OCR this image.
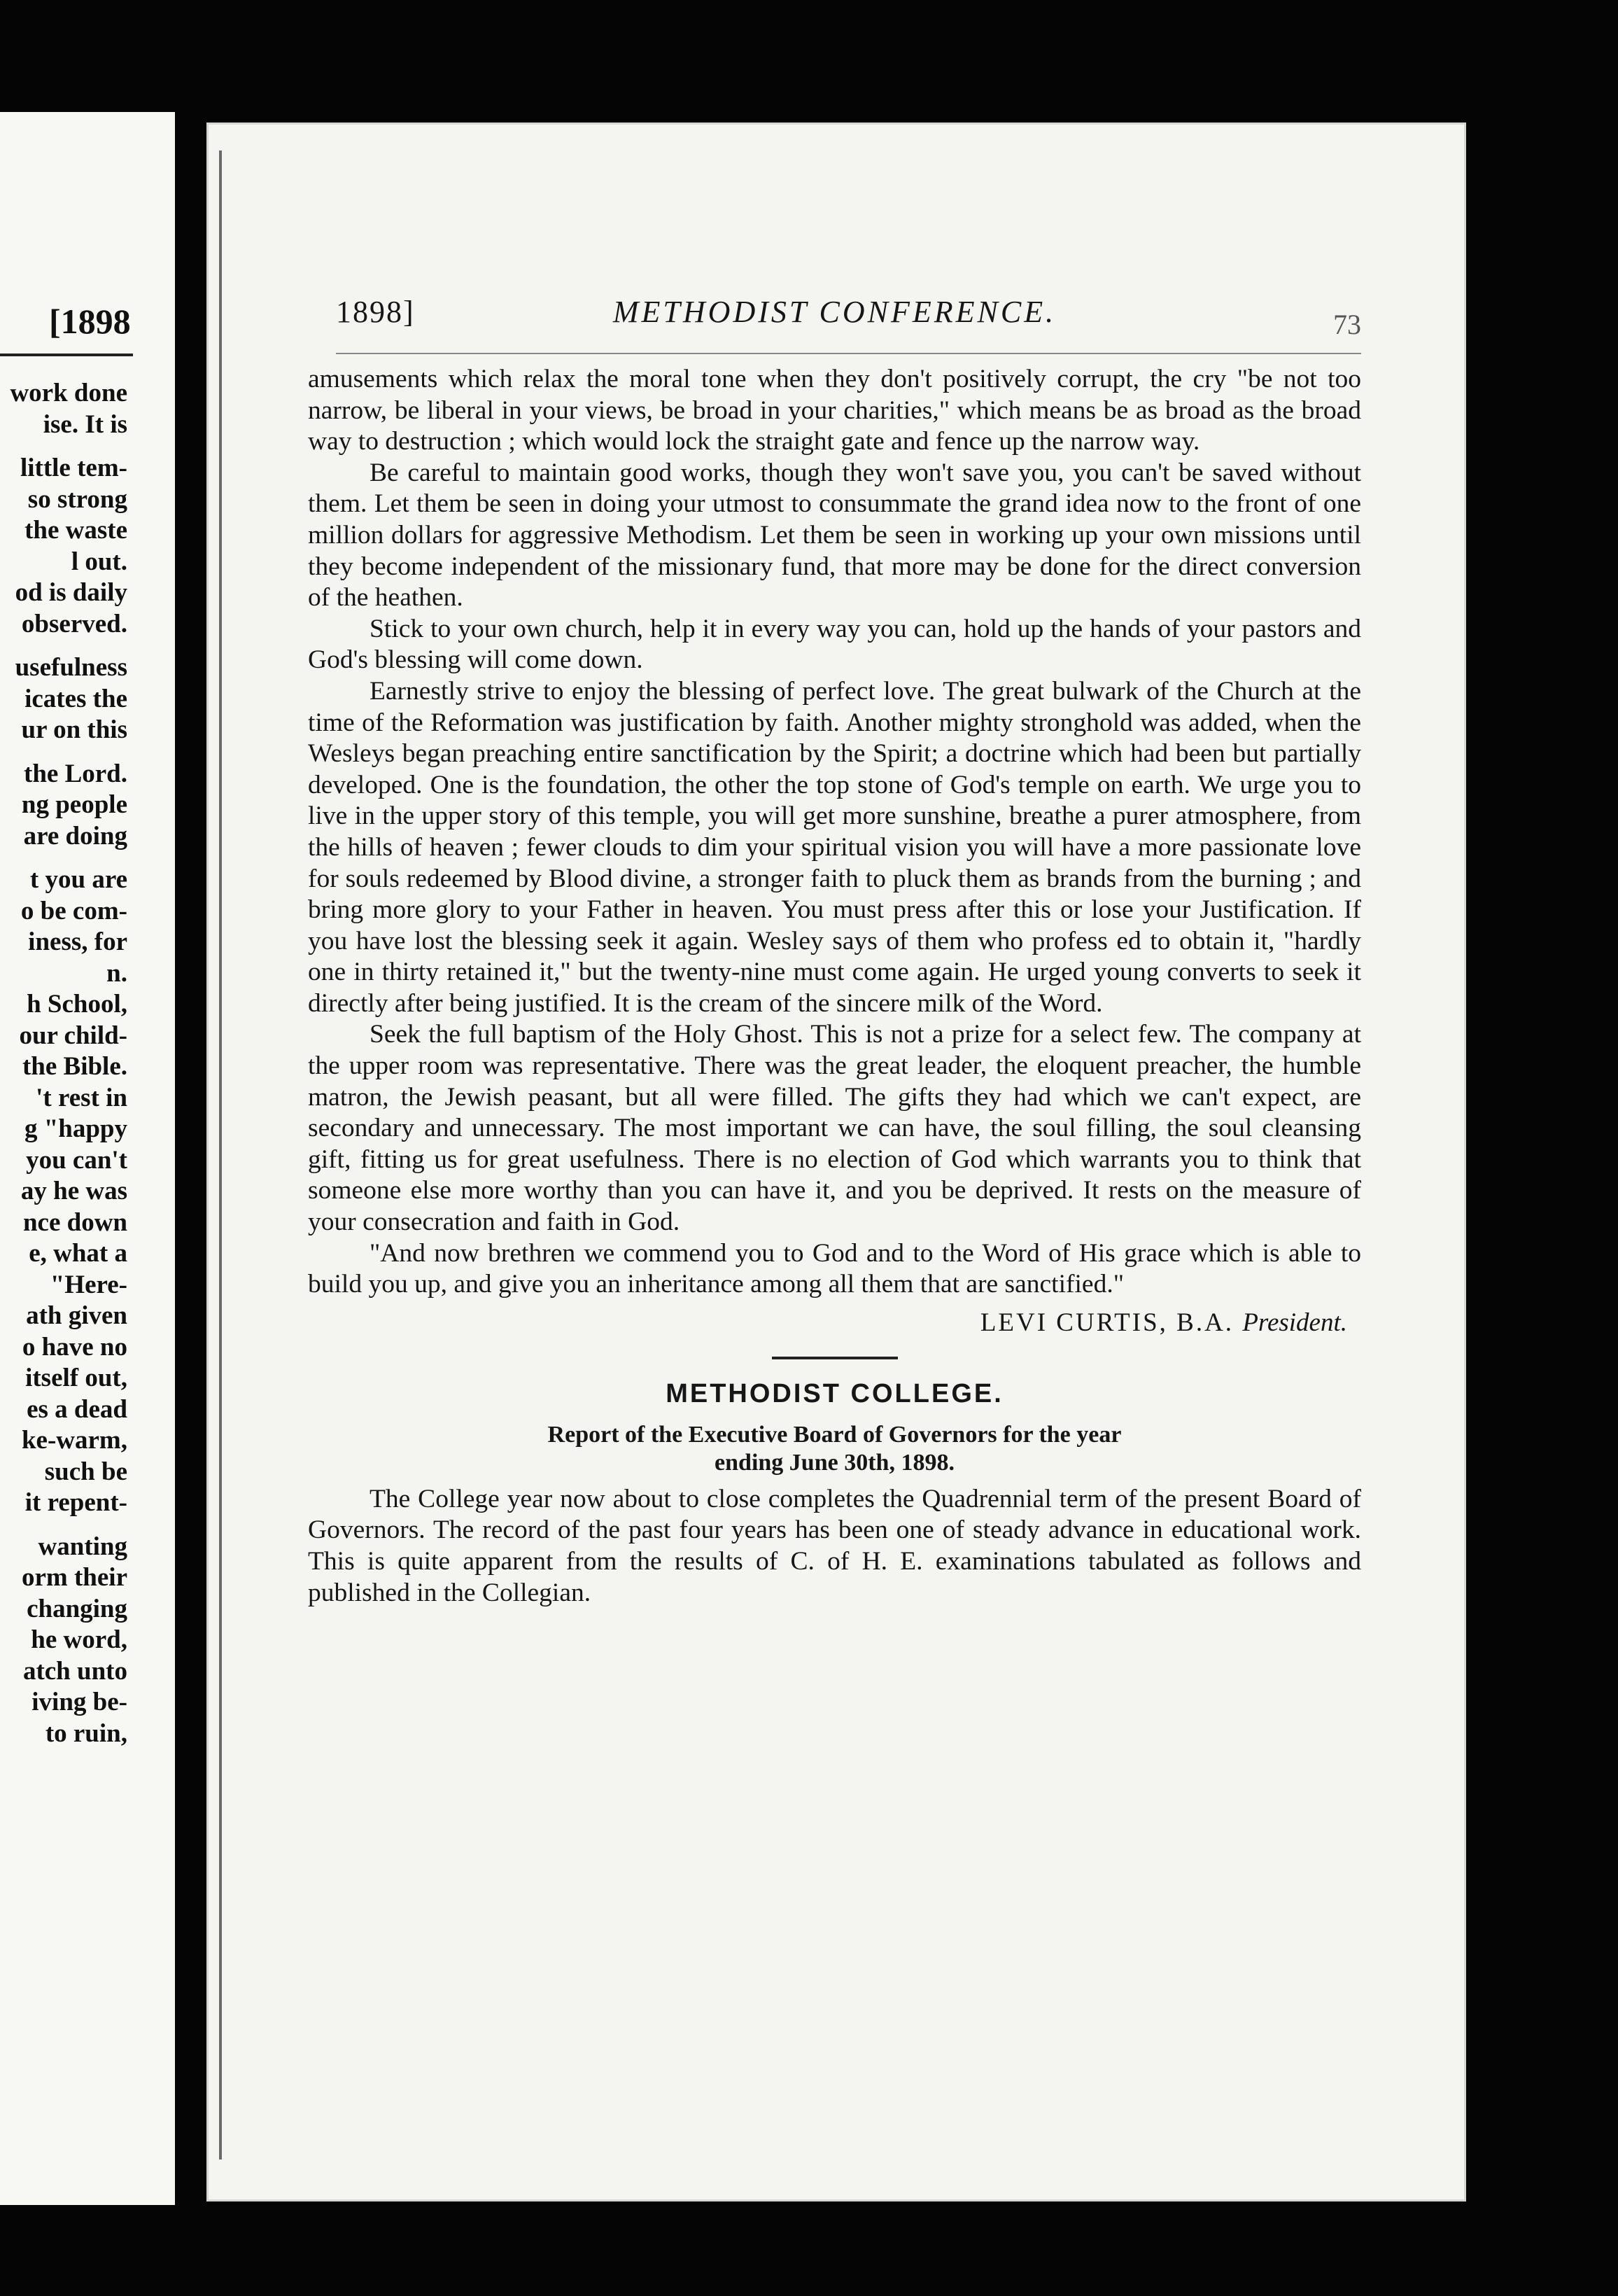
[1898
work done
ise. It is
little tem-
so strong
the waste
l out.
od is daily
observed.
usefulness
icates the
ur on this
the Lord.
ng people
are doing
t you are
o be com-
iness, for
n.
h School,
our child-
the Bible.
't rest in
g "happy
you can't
ay he was
nce down
e, what a
"Here-
ath given
o have no
itself out,
es a dead
ke-warm,
such be
it repent-
wanting
orm their
changing
he word,
atch unto
iving be-
to ruin,
1898]	METHODIST CONFERENCE.	73

amusements which relax the moral tone when they don't positively corrupt, the cry "be not too narrow, be liberal in your views, be broad in your charities," which means be as broad as the broad way to destruction ; which would lock the straight gate and fence up the narrow way.

Be careful to maintain good works, though they won't save you, you can't be saved without them. Let them be seen in doing your utmost to consummate the grand idea now to the front of one million dollars for aggressive Methodism. Let them be seen in working up your own missions until they become independent of the missionary fund, that more may be done for the direct conversion of the heathen.

Stick to your own church, help it in every way you can, hold up the hands of your pastors and God's blessing will come down.

Earnestly strive to enjoy the blessing of perfect love. The great bulwark of the Church at the time of the Reformation was justification by faith. Another mighty stronghold was added, when the Wesleys began preaching entire sanctification by the Spirit; a doctrine which had been but partially developed. One is the foundation, the other the top stone of God's temple on earth. We urge you to live in the upper story of this temple, you will get more sunshine, breathe a purer atmosphere, from the hills of heaven ; fewer clouds to dim your spiritual vision you will have a more passionate love for souls redeemed by Blood divine, a stronger faith to pluck them as brands from the burning ; and bring more glory to your Father in heaven. You must press after this or lose your Justification. If you have lost the blessing seek it again. Wesley says of them who profess ed to obtain it, "hardly one in thirty retained it," but the twenty-nine must come again. He urged young converts to seek it directly after being justified. It is the cream of the sincere milk of the Word.

Seek the full baptism of the Holy Ghost. This is not a prize for a select few. The company at the upper room was representative. There was the great leader, the eloquent preacher, the humble matron, the Jewish peasant, but all were filled. The gifts they had which we can't expect, are secondary and unnecessary. The most important we can have, the soul filling, the soul cleansing gift, fitting us for great usefulness. There is no election of God which warrants you to think that someone else more worthy than you can have it, and you be deprived. It rests on the measure of your consecration and faith in God.

"And now brethren we commend you to God and to the Word of His grace which is able to build you up, and give you an inheritance among all them that are sanctified."

LEVI CURTIS, B.A. President.
METHODIST COLLEGE.
Report of the Executive Board of Governors for the year
ending June 30th, 1898.

The College year now about to close completes the Quadrennial term of the present Board of Governors. The record of the past four years has been one of steady advance in educational work. This is quite apparent from the results of C. of H. E. examinations tabulated as follows and published in the Collegian.
